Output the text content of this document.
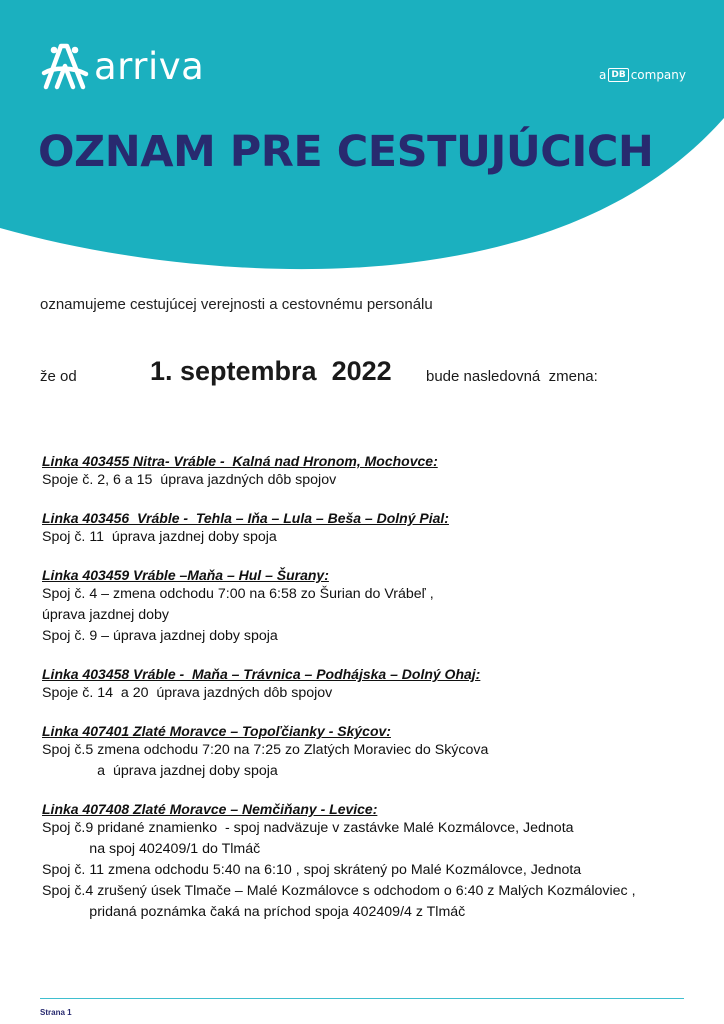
arriva	a DB company
OZNAM PRE CESTUJÚCICH
oznamujeme cestujúcej verejnosti a cestovnému personálu
že od	1. septembra  2022 bude nasledovná  zmena:
Linka 403455 Nitra- Vráble -  Kalná nad Hronom, Mochovce:
Spoje č. 2, 6 a 15  úprava jazdných dôb spojov
Linka 403456  Vráble -  Tehla – Iňa – Lula – Beša – Dolný Pial:
Spoj č. 11  úprava jazdnej doby spoja
Linka 403459 Vráble –Maňa – Hul – Šurany:
Spoj č. 4 – zmena odchodu 7:00 na 6:58 zo Šurian do Vrábeľ ,
úprava jazdnej doby
Spoj č. 9 – úprava jazdnej doby spoja
Linka 403458 Vráble -  Maňa – Trávnica – Podhájska – Dolný Ohaj:
Spoje č. 14  a 20  úprava jazdných dôb spojov
Linka 407401 Zlaté Moravce – Topoľčianky - Skýcov:
Spoj č.5 zmena odchodu 7:20 na 7:25 zo Zlatých Moraviec do Skýcova
a  úprava jazdnej doby spoja
Linka 407408 Zlaté Moravce – Nemčiňany - Levice:
Spoj č.9 pridané znamienko  - spoj nadväzuje v zastávke Malé Kozmálovce, Jednota
na spoj 402409/1 do Tlmáč
Spoj č. 11 zmena odchodu 5:40 na 6:10 , spoj skrátený po Malé Kozmálovce, Jednota
Spoj č.4 zrušený úsek Tlmače – Malé Kozmálovce s odchodom o 6:40 z Malých Kozmáloviec ,
pridaná poznámka čaká na príchod spoja 402409/4 z Tlmáč
Strana 1
